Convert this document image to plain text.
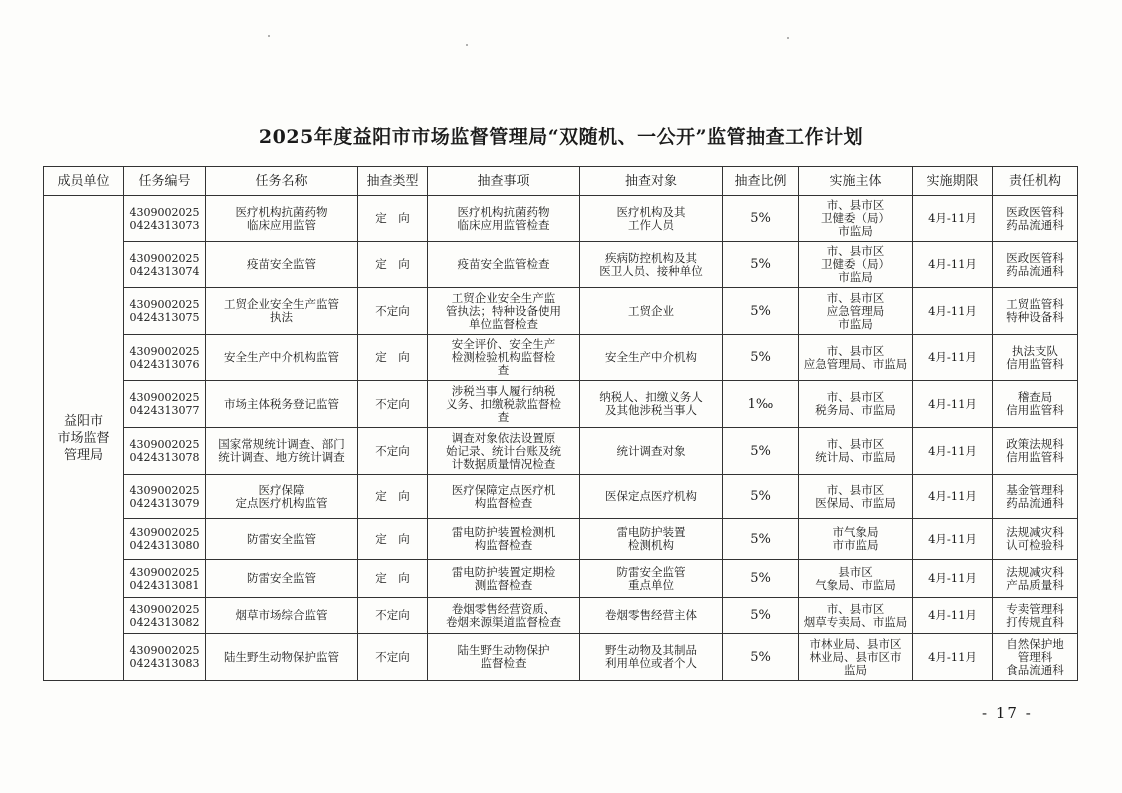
2025年度益阳市市场监督管理局“双随机、一公开”监管抽查工作计划
成员单位	任务编号	任务名称	抽查类型	抽查事项	抽查对象	抽查比例	实施主体	实施期限	责任机构
益阳市
市场监督
管理局	4309002025
0424313073	医疗机构抗菌药物
临床应用监管	定　向	医疗机构抗菌药物
临床应用监管检查	医疗机构及其
工作人员	5%	市、县市区
卫健委（局）
市监局	4月-11月	医政医管科
药品流通科
	4309002025
0424313074	疫苗安全监管	定　向	疫苗安全监管检查	疾病防控机构及其
医卫人员、接种单位	5%	市、县市区
卫健委（局）
市监局	4月-11月	医政医管科
药品流通科
	4309002025
0424313075	工贸企业安全生产监管
执法	不定向	工贸企业安全生产监
管执法；特种设备使用
单位监督检查	工贸企业	5%	市、县市区
应急管理局
市监局	4月-11月	工贸监管科
特种设备科
	4309002025
0424313076	安全生产中介机构监管	定　向	安全评价、安全生产
检测检验机构监督检
查	安全生产中介机构	5%	市、县市区
应急管理局、市监局	4月-11月	执法支队
信用监管科
	4309002025
0424313077	市场主体税务登记监管	不定向	涉税当事人履行纳税
义务、扣缴税款监督检
查	纳税人、扣缴义务人
及其他涉税当事人	1‰	市、县市区
税务局、市监局	4月-11月	稽查局
信用监管科
	4309002025
0424313078	国家常规统计调查、部门
统计调查、地方统计调查	不定向	调查对象依法设置原
始记录、统计台账及统
计数据质量情况检查	统计调查对象	5%	市、县市区
统计局、市监局	4月-11月	政策法规科
信用监管科
	4309002025
0424313079	医疗保障
定点医疗机构监管	定　向	医疗保障定点医疗机
构监督检查	医保定点医疗机构	5%	市、县市区
医保局、市监局	4月-11月	基金管理科
药品流通科
	4309002025
0424313080	防雷安全监管	定　向	雷电防护装置检测机
构监督检查	雷电防护装置
检测机构	5%	市气象局
市市监局	4月-11月	法规减灾科
认可检验科
	4309002025
0424313081	防雷安全监管	定　向	雷电防护装置定期检
测监督检查	防雷安全监管
重点单位	5%	县市区
气象局、市监局	4月-11月	法规减灾科
产品质量科
	4309002025
0424313082	烟草市场综合监管	不定向	卷烟零售经营资质、
卷烟来源渠道监督检查	卷烟零售经营主体	5%	市、县市区
烟草专卖局、市监局	4月-11月	专卖管理科
打传规直科
	4309002025
0424313083	陆生野生动物保护监管	不定向	陆生野生动物保护
监督检查	野生动物及其制品
利用单位或者个人	5%	市林业局、县市区
林业局、县市区市
监局	4月-11月	自然保护地
管理科
食品流通科
- 17 -
